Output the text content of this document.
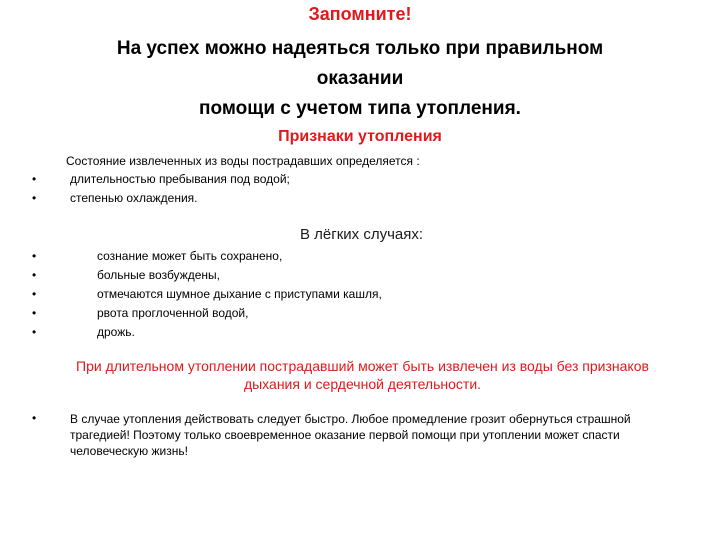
Запомните!
На успех можно надеяться только при правильном
оказании
помощи с учетом типа утопления.
Признаки утопления
Состояние извлеченных из воды пострадавших определяется :
•	длительностью пребывания под водой;
•	степенью охлаждения.
В лёгких случаях:
•	сознание может быть сохранено,
•	больные возбуждены,
•	отмечаются шумное дыхание с приступами кашля,
•	рвота проглоченной водой,
•	дрожь.
При длительном утоплении пострадавший может быть извлечен из воды без признаков дыхания и сердечной деятельности.
•	В случае утопления действовать следует быстро. Любое промедление грозит обернуться страшной трагедией! Поэтому только своевременное оказание первой помощи при утоплении может спасти человеческую жизнь!
